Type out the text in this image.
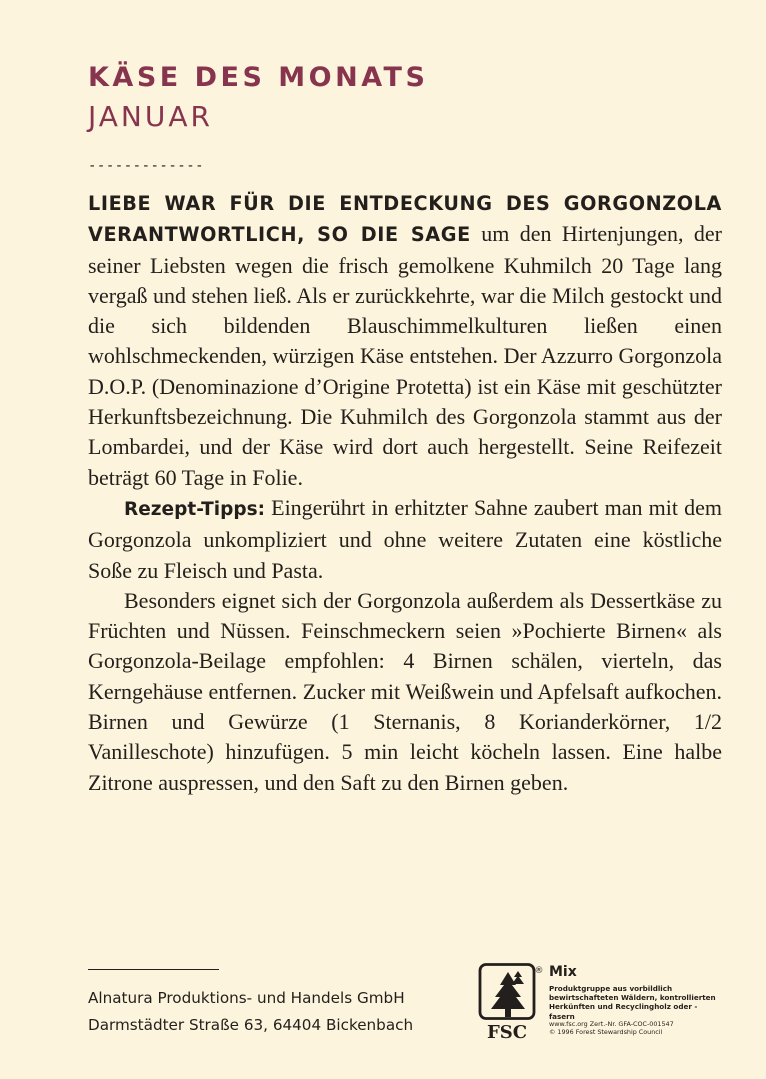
KÄSE DES MONATS
JANUAR
-------------

LIEBE WAR FÜR DIE ENTDECKUNG DES GORGONZOLA VERANTWORTLICH, SO DIE SAGE um den Hirtenjungen, der seiner Liebsten wegen die frisch gemolkene Kuhmilch 20 Tage lang vergaß und stehen ließ. Als er zurückkehrte, war die Milch gestockt und die sich bildenden Blauschimmelkulturen ließen einen wohlschmeckenden, würzigen Käse entstehen. Der Azzurro Gorgonzola D.O.P. (Denominazione d’Origine Protetta) ist ein Käse mit geschützter Herkunftsbezeichnung. Die Kuhmilch des Gorgonzola stammt aus der Lombardei, und der Käse wird dort auch hergestellt. Seine Reifezeit beträgt 60 Tage in Folie.

Rezept-Tipps: Eingerührt in erhitzter Sahne zaubert man mit dem Gorgonzola unkompliziert und ohne weitere Zutaten eine köstliche Soße zu Fleisch und Pasta.

Besonders eignet sich der Gorgonzola außerdem als Dessertkäse zu Früchten und Nüssen. Feinschmeckern seien »Pochierte Birnen« als Gorgonzola-Beilage empfohlen: 4 Birnen schälen, vierteln, das Kerngehäuse entfernen. Zucker mit Weißwein und Apfelsaft aufkochen. Birnen und Gewürze (1 Sternanis, 8 Korianderkörner, 1/2 Vanilleschote) hinzufügen. 5 min leicht köcheln lassen. Eine halbe Zitrone auspressen, und den Saft zu den Birnen geben.

Alnatura Produktions- und Handels GmbH
Darmstädter Straße 63, 64404 Bickenbach	FSC
® Mix
Produktgruppe aus vorbildlich bewirtschafteten Wäldern, kontrollierten Herkünften und Recyclingholz oder -fasern
www.fsc.org Zert.-Nr. GFA-COC-001547
© 1996 Forest Stewardship Council
